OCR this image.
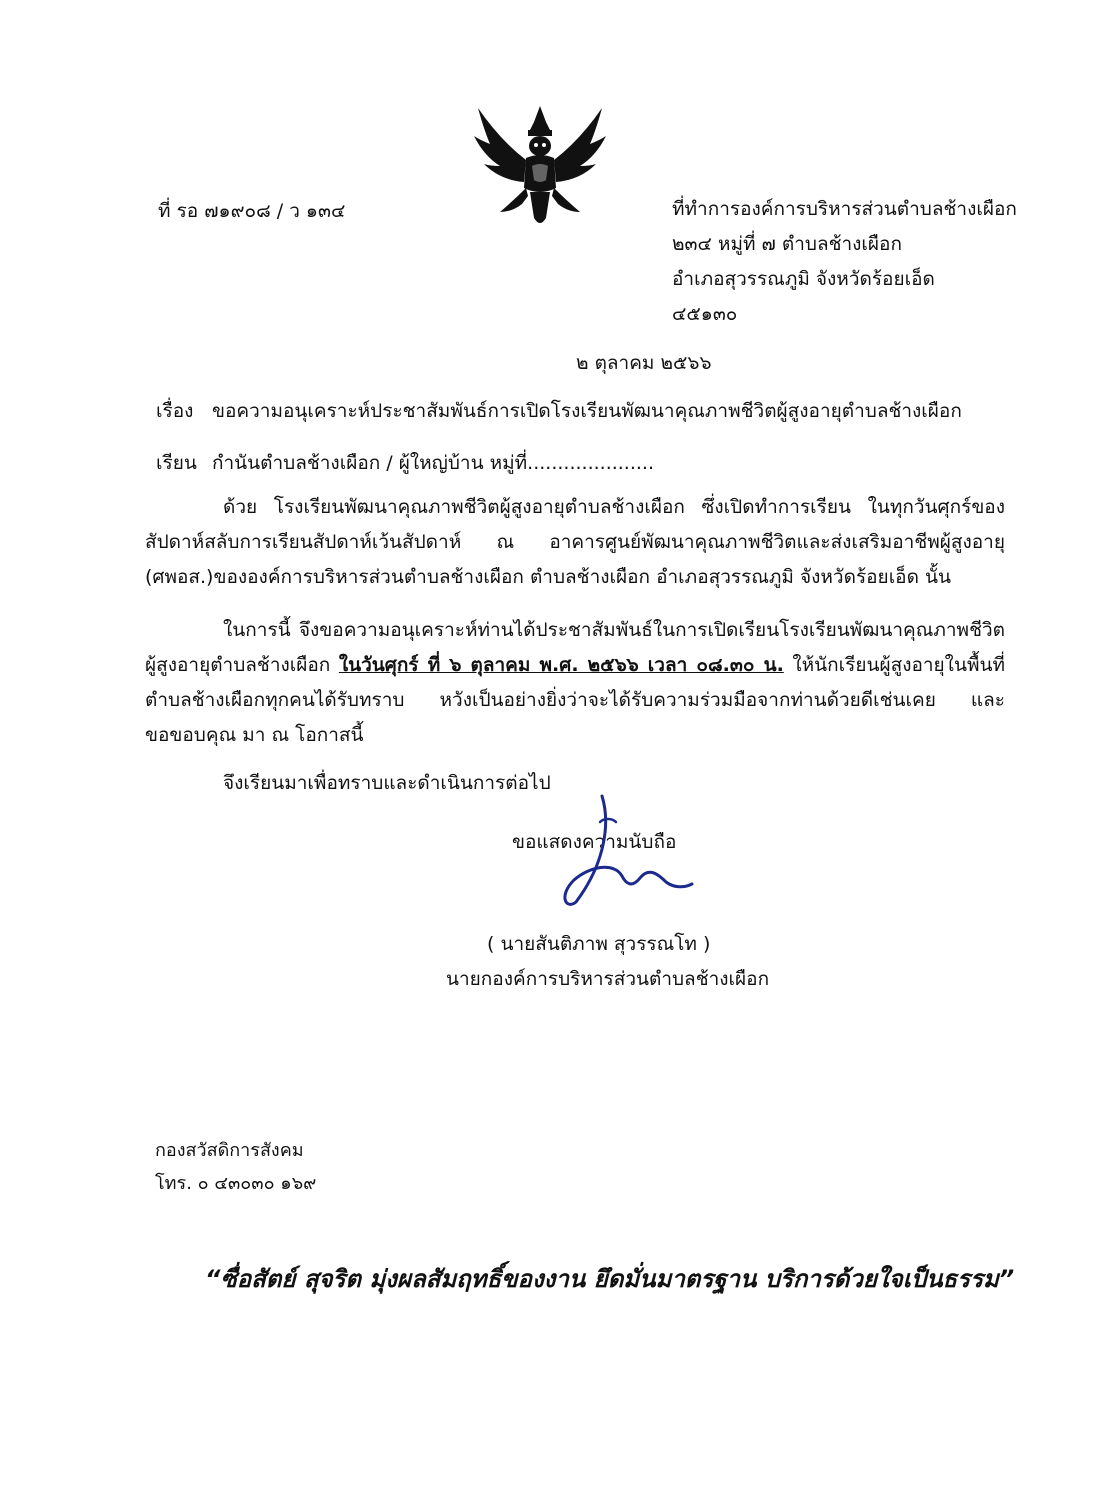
ที่ รอ ๗๑๙๐๘ / ว ๑๓๔	ที่ทำการองค์การบริหารส่วนตำบลช้างเผือก
๒๓๔ หมู่ที่ ๗ ตำบลช้างเผือก
อำเภอสุวรรณภูมิ จังหวัดร้อยเอ็ด
๔๕๑๓๐
๒ ตุลาคม ๒๕๖๖
เรื่อง ขอความอนุเคราะห์ประชาสัมพันธ์การเปิดโรงเรียนพัฒนาคุณภาพชีวิตผู้สูงอายุตำบลช้างเผือก
เรียน กำนันตำบลช้างเผือก / ผู้ใหญ่บ้าน หมู่ที่.....................

ด้วย โรงเรียนพัฒนาคุณภาพชีวิตผู้สูงอายุตำบลช้างเผือก ซึ่งเปิดทำการเรียน ในทุกวันศุกร์ของ

สัปดาห์สลับการเรียนสัปดาห์เว้นสัปดาห์ ณ อาคารศูนย์พัฒนาคุณภาพชีวิตและส่งเสริมอาชีพผู้สูงอายุ

(ศพอส.)ขององค์การบริหารส่วนตำบลช้างเผือก ตำบลช้างเผือก อำเภอสุวรรณภูมิ จังหวัดร้อยเอ็ด นั้น

ในการนี้ จึงขอความอนุเคราะห์ท่านได้ประชาสัมพันธ์ในการเปิดเรียนโรงเรียนพัฒนาคุณภาพชีวิต

ผู้สูงอายุตำบลช้างเผือก ในวันศุกร์ ที่ ๖ ตุลาคม พ.ศ. ๒๕๖๖ เวลา ๐๘.๓๐ น. ให้นักเรียนผู้สูงอายุในพื้นที่

ตำบลช้างเผือกทุกคนได้รับทราบ หวังเป็นอย่างยิ่งว่าจะได้รับความร่วมมือจากท่านด้วยดีเช่นเคย และ

ขอขอบคุณ มา ณ โอกาสนี้

จึงเรียนมาเพื่อทราบและดำเนินการต่อไป
ขอแสดงความนับถือ
( นายสันติภาพ สุวรรณโท )
นายกองค์การบริหารส่วนตำบลช้างเผือก
กองสวัสดิการสังคม
โทร. ๐ ๔๓๐๓๐ ๑๖๙
“ซื่อสัตย์ สุจริต มุ่งผลสัมฤทธิ์ของงาน ยึดมั่นมาตรฐาน บริการด้วยใจเป็นธรรม”
